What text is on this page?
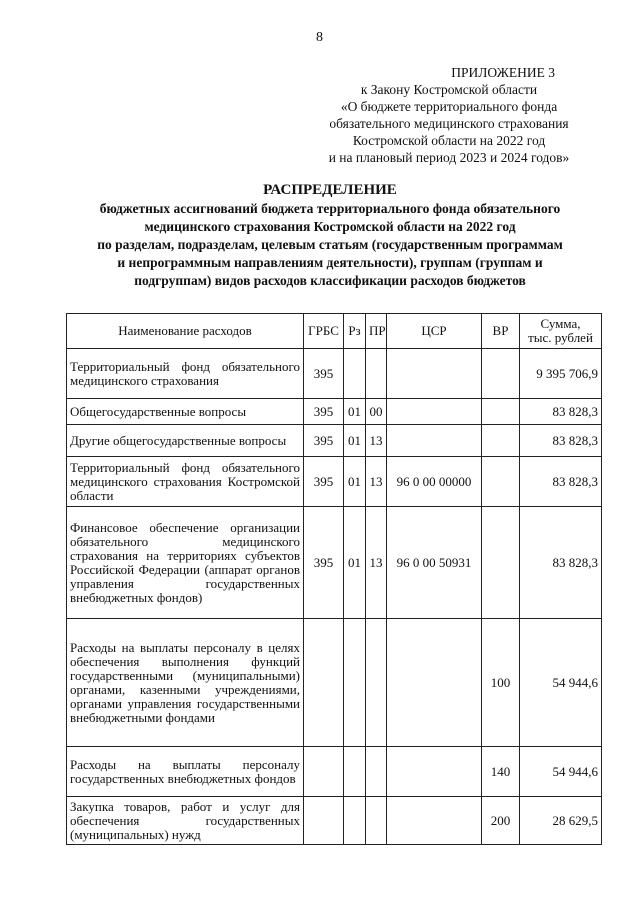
8
ПРИЛОЖЕНИЕ 3
к Закону Костромской области
«О бюджете территориального фонда
обязательного медицинского страхования
Костромской области на 2022 год
и на плановый период 2023 и 2024 годов»
РАСПРЕДЕЛЕНИЕ
бюджетных ассигнований бюджета территориального фонда обязательного
медицинского страхования Костромской области на 2022 год
по разделам, подразделам, целевым статьям (государственным программам
и непрограммным направлениям деятельности), группам (группам и
подгруппам) видов расходов классификации расходов бюджетов
Наименование расходов	ГРБС	Рз	ПР	ЦСР	ВР	Сумма,
тыс. рублей

Территориальный фонд обязательного медицинского страхования	395					9 395 706,9
Общегосударственные вопросы	395	01	00			83 828,3
Другие общегосударственные вопросы	395	01	13			83 828,3
Территориальный фонд обязательного медицинского страхования Костромской области	395	01	13	96 0 00 00000		83 828,3
Финансовое обеспечение организации обязательного медицинского страхования на территориях субъектов Российской Федерации (аппарат органов управления государственных внебюджетных фондов)	395	01	13	96 0 00 50931		83 828,3
Расходы на выплаты персоналу в целях обеспечения выполнения функций государственными (муниципальными) органами, казенными учреждениями, органами управления государственными внебюджетными фондами					100	54 944,6
Расходы на выплаты персоналу государственных внебюджетных фондов					140	54 944,6
Закупка товаров, работ и услуг для обеспечения государственных (муниципальных) нужд					200	28 629,5
